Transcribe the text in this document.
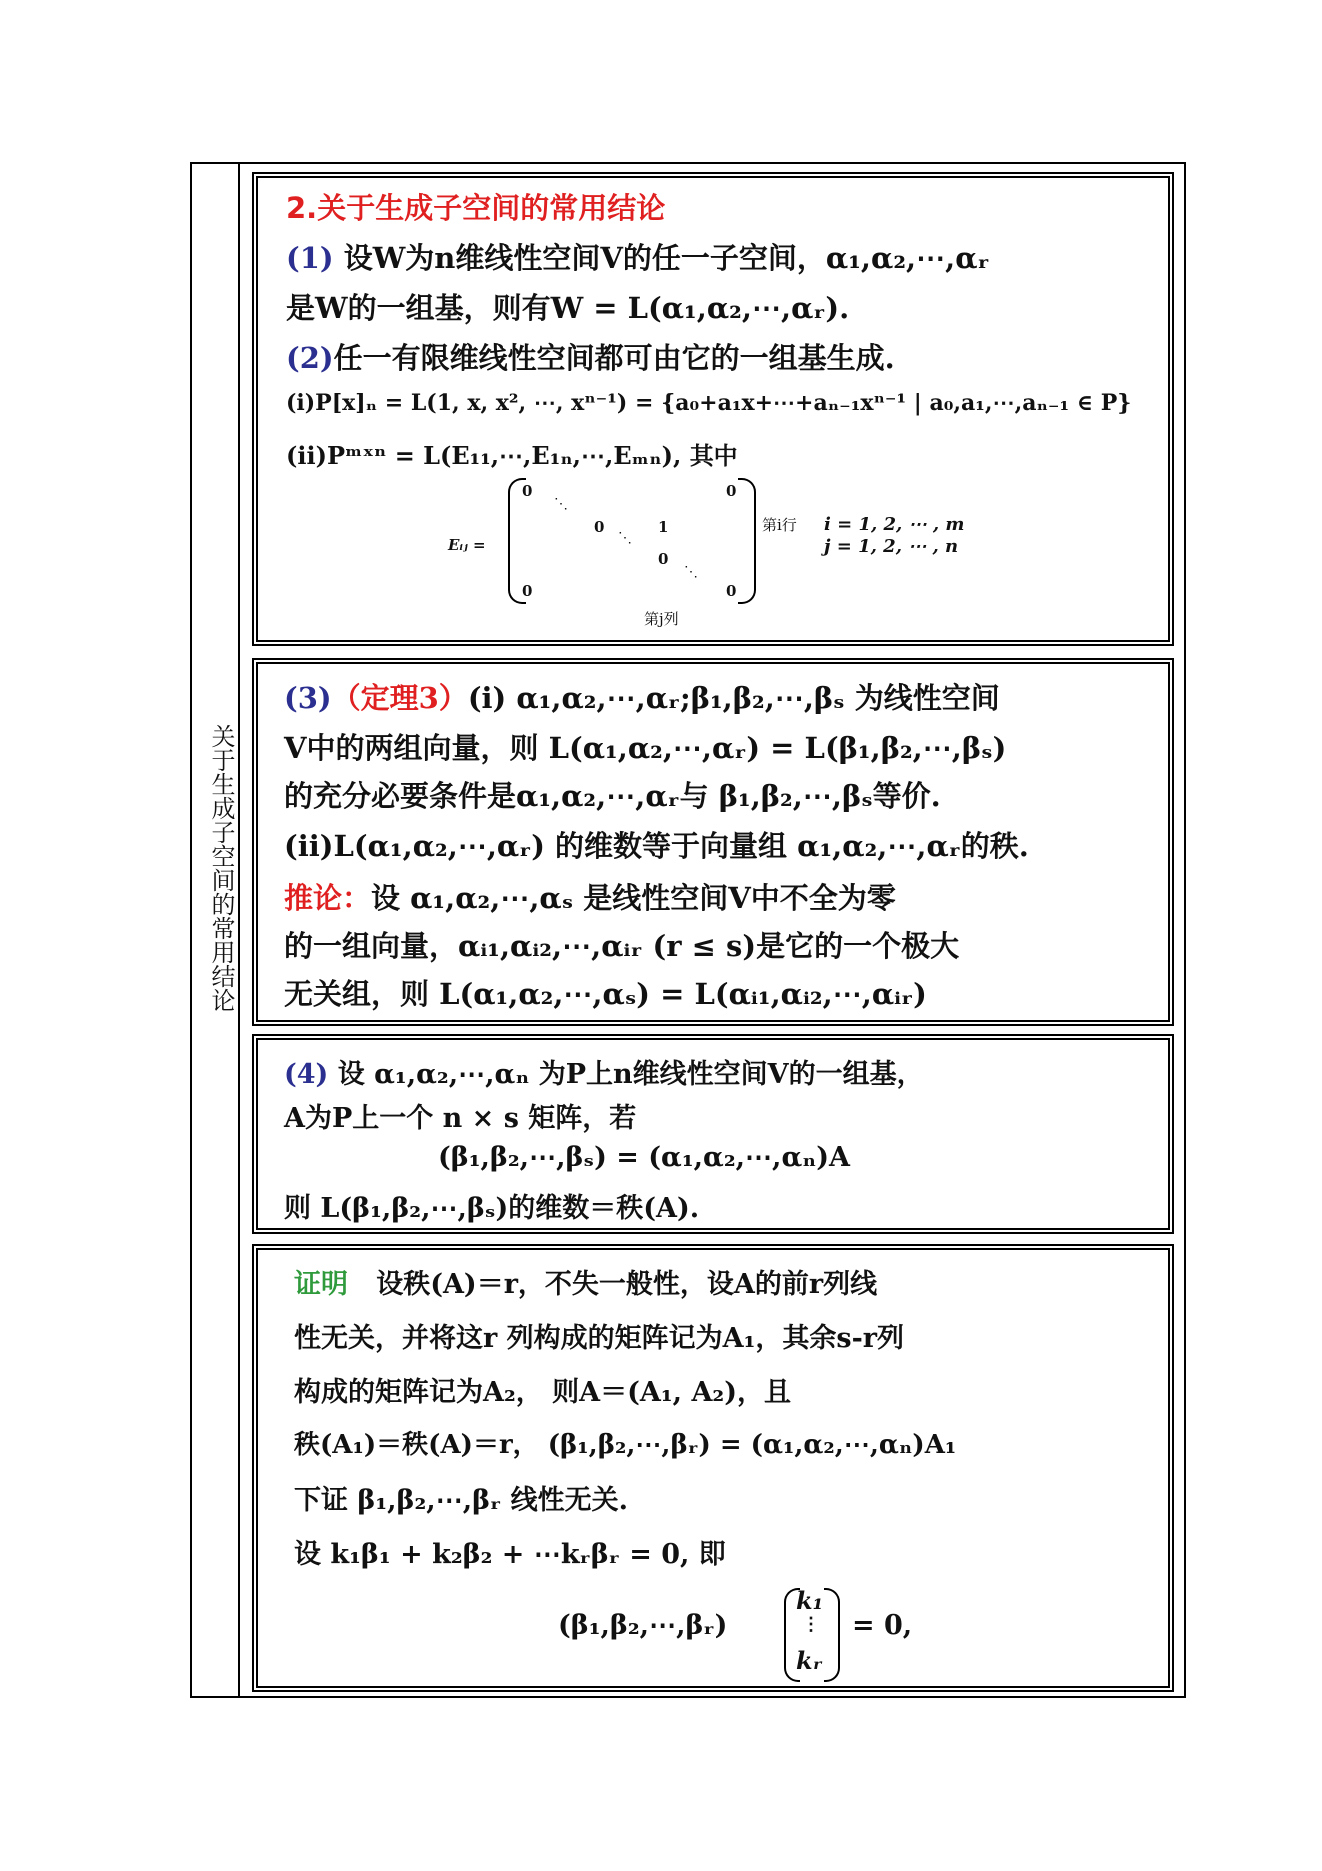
关于生成子空间的常用结论
2.关于生成子空间的常用结论
(1) 设W为n维线性空间V的任一子空间，α₁,α₂,⋯,αᵣ
是W的一组基，则有W = L(α₁,α₂,⋯,αᵣ).
(2)任一有限维线性空间都可由它的一组基生成.
(i)P[x]ₙ = L(1, x, x², ⋯, xⁿ⁻¹) = {a₀+a₁x+⋯+aₙ₋₁xⁿ⁻¹ | a₀,a₁,⋯,aₙ₋₁ ∈ P}
(ii)Pᵐˣⁿ = L(E₁₁,⋯,E₁ₙ,⋯,Eₘₙ), 其中
Eᵢⱼ =
0	0
⋱
0	1
⋱
0
⋱
0	0
第i行
第j列
i = 1, 2, ⋯ , m
j = 1, 2, ⋯ , n
(3)（定理3）(i) α₁,α₂,⋯,αᵣ;β₁,β₂,⋯,βₛ 为线性空间
V中的两组向量，则 L(α₁,α₂,⋯,αᵣ) = L(β₁,β₂,⋯,βₛ)
的充分必要条件是α₁,α₂,⋯,αᵣ与 β₁,β₂,⋯,βₛ等价.
(ii)L(α₁,α₂,⋯,αᵣ) 的维数等于向量组 α₁,α₂,⋯,αᵣ的秩.
推论：设 α₁,α₂,⋯,αₛ 是线性空间V中不全为零
的一组向量，αᵢ₁,αᵢ₂,⋯,αᵢᵣ (r ≤ s)是它的一个极大
无关组，则 L(α₁,α₂,⋯,αₛ) = L(αᵢ₁,αᵢ₂,⋯,αᵢᵣ)
(4) 设 α₁,α₂,⋯,αₙ 为P上n维线性空间V的一组基，
A为P上一个 n × s 矩阵，若
(β₁,β₂,⋯,βₛ) = (α₁,α₂,⋯,αₙ)A
则 L(β₁,β₂,⋯,βₛ)的维数＝秩(A).
证明 设秩(A)＝r，不失一般性，设A的前r列线
性无关，并将这r 列构成的矩阵记为A₁，其余s-r列
构成的矩阵记为A₂， 则A＝(A₁, A₂)，且
秩(A₁)＝秩(A)＝r， (β₁,β₂,⋯,βᵣ) = (α₁,α₂,⋯,αₙ)A₁
下证 β₁,β₂,⋯,βᵣ 线性无关.
设 k₁β₁ + k₂β₂ + ⋯kᵣβᵣ = 0, 即
(β₁,β₂,⋯,βᵣ)
k₁
⋮
kᵣ
= 0,
